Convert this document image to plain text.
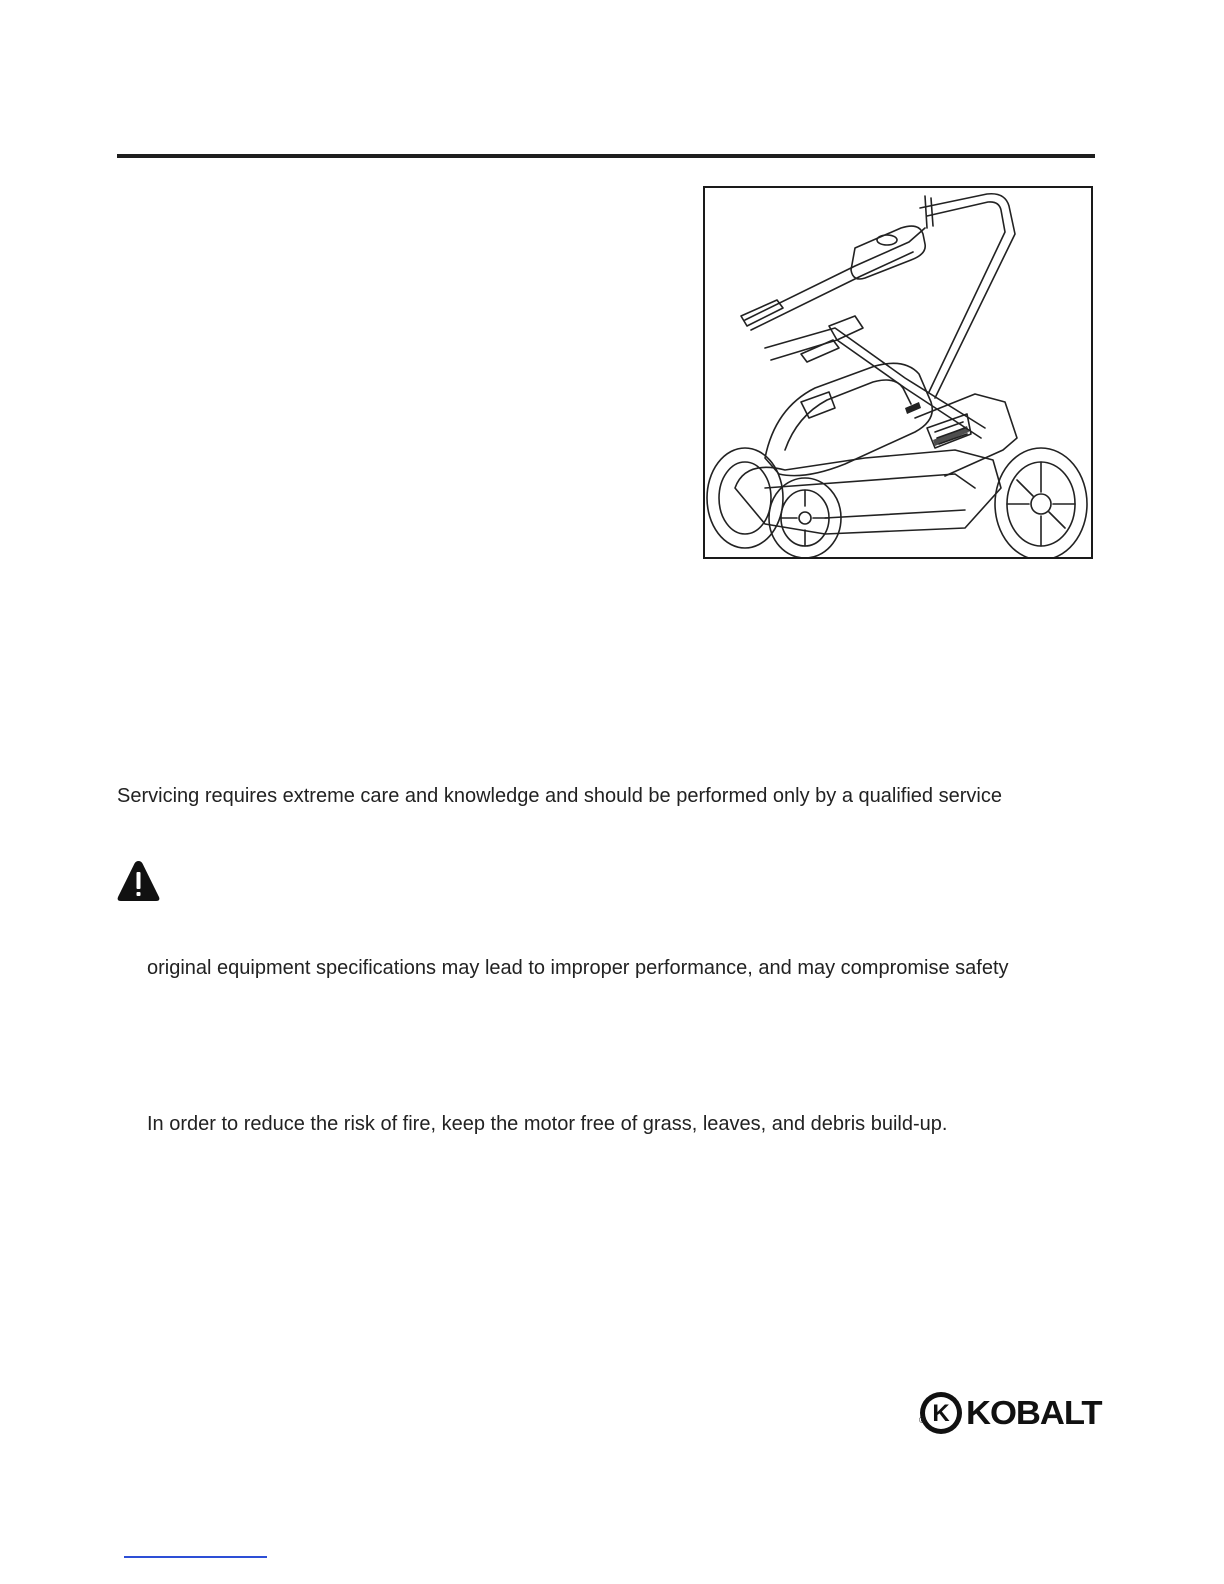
Servicing requires extreme care and knowledge and should be performed only by a qualified service

original equipment specifications may lead to improper performance, and may compromise safety

In order to reduce the risk of fire, keep the motor free of grass, leaves, and debris build-up.

K KOBALT
®
